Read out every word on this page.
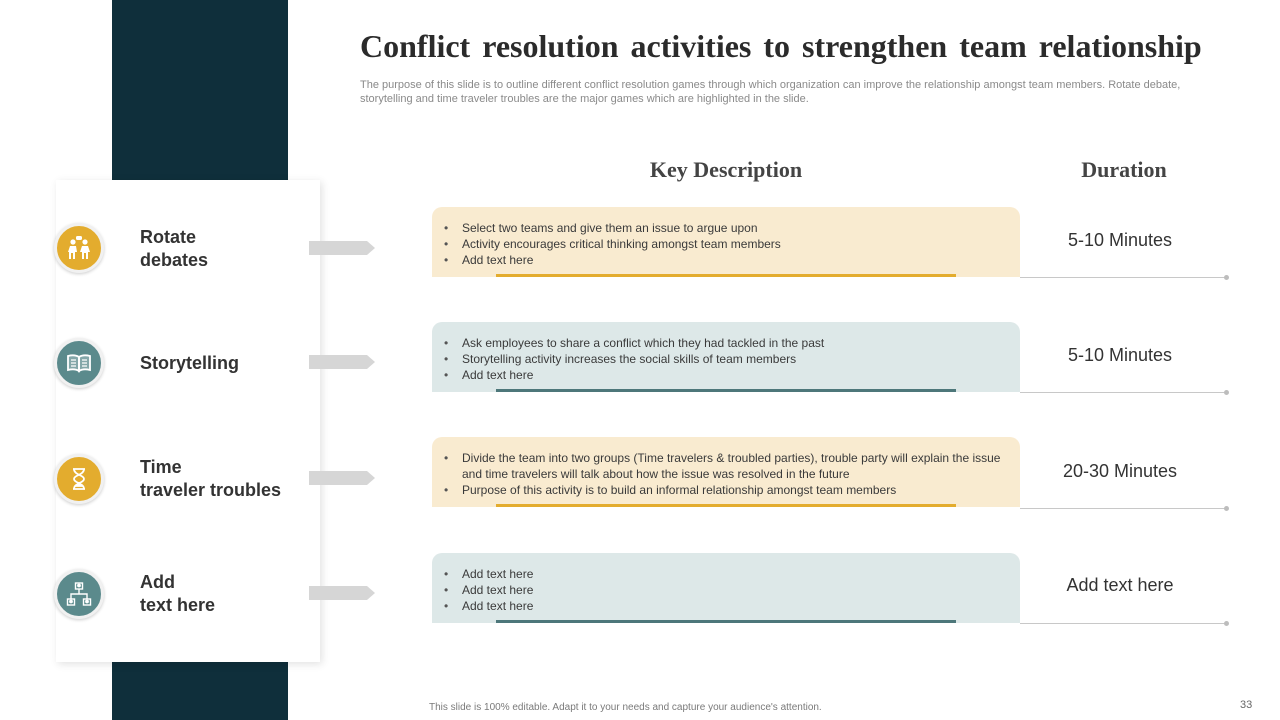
Conflict resolution activities to strengthen team relationship

The purpose of this slide is to outline different conflict resolution games through which organization can improve the relationship amongst team members. Rotate debate, storytelling and time traveler troubles are the major games which are highlighted in the slide.

Key Description	Duration
Rotate
debates
• Select two teams and give them an issue to argue upon
• Activity encourages critical thinking amongst team members
• Add text here
5-10 Minutes
Storytelling
• Ask employees to share a conflict which they had tackled in the past
• Storytelling activity increases the social skills of team members
• Add text here
5-10 Minutes
Time
traveler troubles
• Divide the team into two groups (Time travelers & troubled parties), trouble party will explain the issue and time travelers will talk about how the issue was resolved in the future
• Purpose of this activity is to build an informal relationship amongst team members
20-30 Minutes
Add
text here
• Add text here
• Add text here
• Add text here
Add text here
This slide is 100% editable. Adapt it to your needs and capture your audience's attention.	33
